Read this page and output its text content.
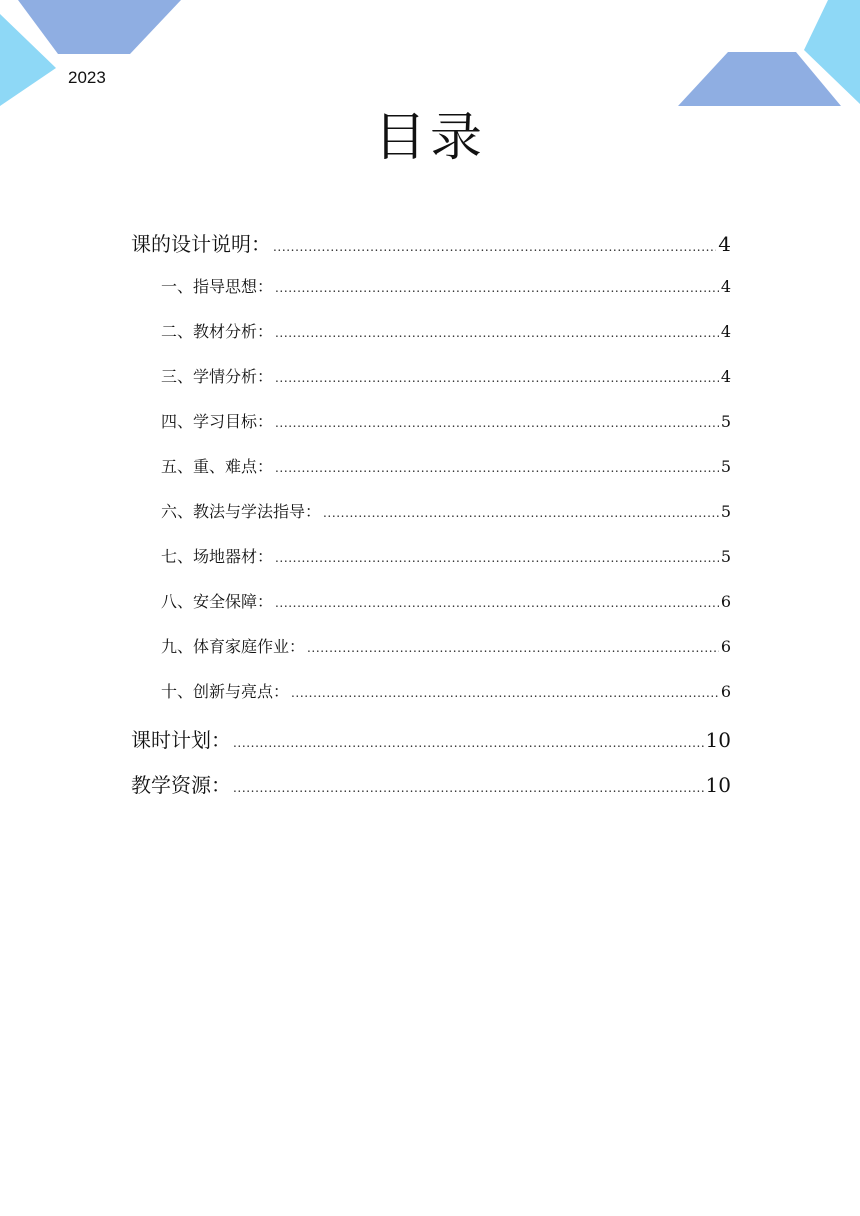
2023
目录
课的设计说明： .....	4
一、指导思想： .....	4
二、教材分析： .....	4
三、学情分析： .....	4
四、学习目标： .....	5
五、重、难点： .....	5
六、教法与学法指导： .....	5
七、场地器材： .....	5
八、安全保障： .....	6
九、体育家庭作业： .....	6
十、创新与亮点： .....	6
课时计划： .....	10
教学资源： .....	10
